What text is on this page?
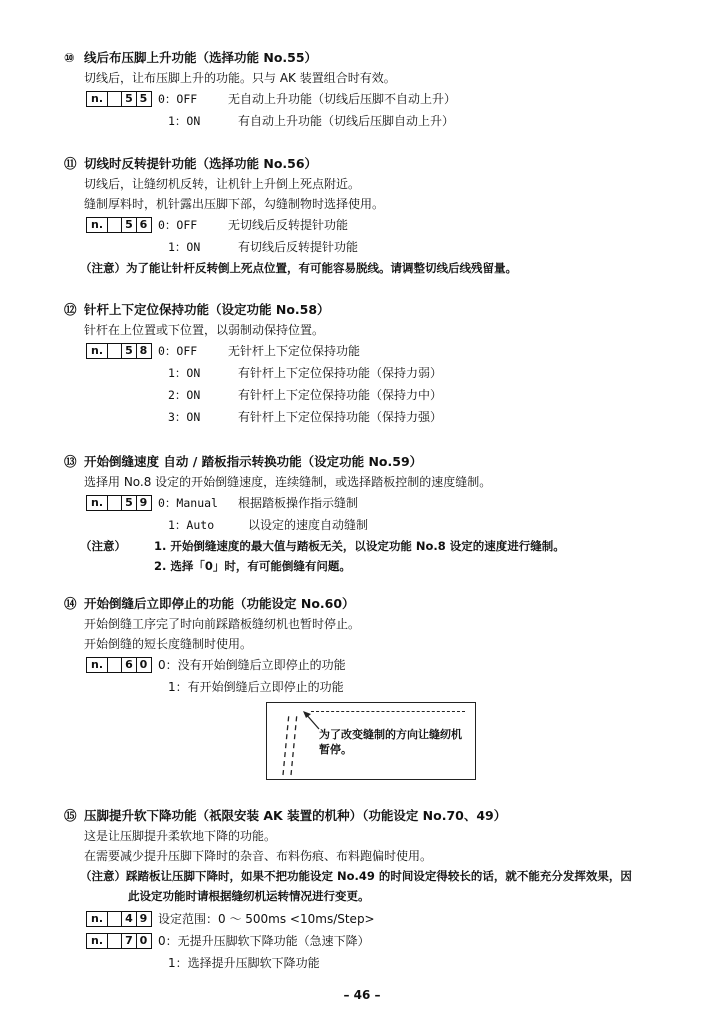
⑩ 线后布压脚上升功能（选择功能 No.55）
切线后，让布压脚上升的功能。只与 AK 装置组合时有效。
n.	5 5 0：OFF	无自动上升功能（切线后压脚不自动上升）
1：ON	有自动上升功能（切线后压脚自动上升）
⑪ 切线时反转提针功能（选择功能 No.56）
切线后，让缝纫机反转，让机针上升倒上死点附近。
缝制厚料时，机针露出压脚下部，勾缝制物时选择使用。
n.	5 6 0：OFF	无切线后反转提针功能
1：ON	有切线后反转提针功能
（注意）为了能让针杆反转倒上死点位置，有可能容易脱线。请调整切线后线残留量。
⑫ 针杆上下定位保持功能（设定功能 No.58）
针杆在上位置或下位置，以弱制动保持位置。
n.	5 8 0：OFF	无针杆上下定位保持功能
1：ON	有针杆上下定位保持功能（保持力弱）
2：ON	有针杆上下定位保持功能（保持力中）
3：ON	有针杆上下定位保持功能（保持力强）
⑬ 开始倒缝速度 自动 / 踏板指示转换功能（设定功能 No.59）
选择用 No.8 设定的开始倒缝速度，连续缝制，或选择踏板控制的速度缝制。
n.	5 9 0：Manual	根据踏板操作指示缝制
1：Auto	以设定的速度自动缝制
（注意） 1. 开始倒缝速度的最大值与踏板无关，以设定功能 No.8 设定的速度进行缝制。
2. 选择「0」时，有可能倒缝有问题。
⑭ 开始倒缝后立即停止的功能（功能设定 No.60）
开始倒缝工序完了时向前踩踏板缝纫机也暂时停止。
开始倒缝的短长度缝制时使用。
n.	6 0 0：没有开始倒缝后立即停止的功能
1：有开始倒缝后立即停止的功能
为了改变缝制的方向让缝纫机
暂停。
⑮ 压脚提升软下降功能（祇限安装 AK 装置的机种）（功能设定 No.70、49）
这是让压脚提升柔软地下降的功能。
在需要减少提升压脚下降时的杂音、布料伤痕、布料跑偏时使用。
（注意）踩踏板让压脚下降时，如果不把功能设定 No.49 的时间设定得较长的话，就不能充分发挥效果，因
此设定功能时请根据缝纫机运转情况进行变更。
n.	4 9 设定范围：0 ～ 500ms <10ms/Step>
n.	7 0 0：无提升压脚软下降功能（急速下降）
1：选择提升压脚软下降功能
– 46 –
